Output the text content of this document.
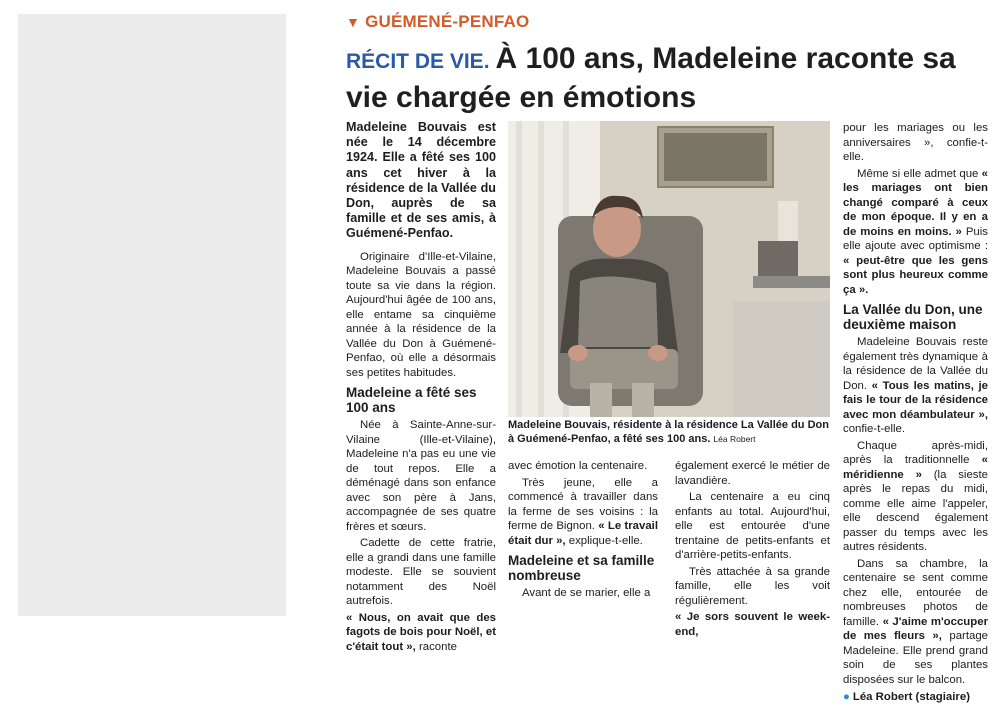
▼ GUÉMENÉ-PENFAO
RÉCIT DE VIE. À 100 ans, Madeleine raconte sa vie chargée en émotions

Madeleine Bouvais est née le 14 décembre 1924. Elle a fêté ses 100 ans cet hiver à la résidence de la Vallée du Don, auprès de sa famille et de ses amis, à Guémené-Penfao.

Originaire d'Ille-et-Vilaine, Madeleine Bouvais a passé toute sa vie dans la région. Aujourd'hui âgée de 100 ans, elle entame sa cinquième année à la résidence de la Vallée du Don à Guémené-Penfao, où elle a désormais ses petites habitudes.

Madeleine a fêté ses 100 ans

Née à Sainte-Anne-sur-Vilaine (Ille-et-Vilaine), Madeleine n'a pas eu une vie de tout repos. Elle a déménagé dans son enfance avec son père à Jans, accompagnée de ses quatre frères et sœurs.

Cadette de cette fratrie, elle a grandi dans une famille modeste. Elle se souvient notamment des Noël autrefois.

« Nous, on avait que des fagots de bois pour Noël, et c'était tout », raconte

Madeleine Bouvais, résidente à la résidence La Vallée du Don à Guémené-Penfao, a fêté ses 100 ans. Léa Robert

avec émotion la centenaire.

Très jeune, elle a commencé à travailler dans la ferme de ses voisins : la ferme de Bignon. « Le travail était dur », explique-t-elle.

Madeleine et sa famille nombreuse

Avant de se marier, elle a

également exercé le métier de lavandière.

La centenaire a eu cinq enfants au total. Aujourd'hui, elle est entourée d'une trentaine de petits-enfants et d'arrière-petits-enfants.

Très attachée à sa grande famille, elle les voit régulièrement.

« Je sors souvent le week-end,

pour les mariages ou les anniversaires », confie-t-elle.

Même si elle admet que « les mariages ont bien changé comparé à ceux de mon époque. Il y en a de moins en moins. » Puis elle ajoute avec optimisme : « peut-être que les gens sont plus heureux comme ça ».

La Vallée du Don, une deuxième maison

Madeleine Bouvais reste également très dynamique à la résidence de la Vallée du Don. « Tous les matins, je fais le tour de la résidence avec mon déambulateur », confie-t-elle.

Chaque après-midi, après la traditionnelle « méridienne » (la sieste après le repas du midi, comme elle aime l'appeler, elle descend également passer du temps avec les autres résidents.

Dans sa chambre, la centenaire se sent comme chez elle, entourée de nombreuses photos de famille. « J'aime m'occuper de mes fleurs », partage Madeleine. Elle prend grand soin de ses plantes disposées sur le balcon.

● Léa Robert (stagiaire)
